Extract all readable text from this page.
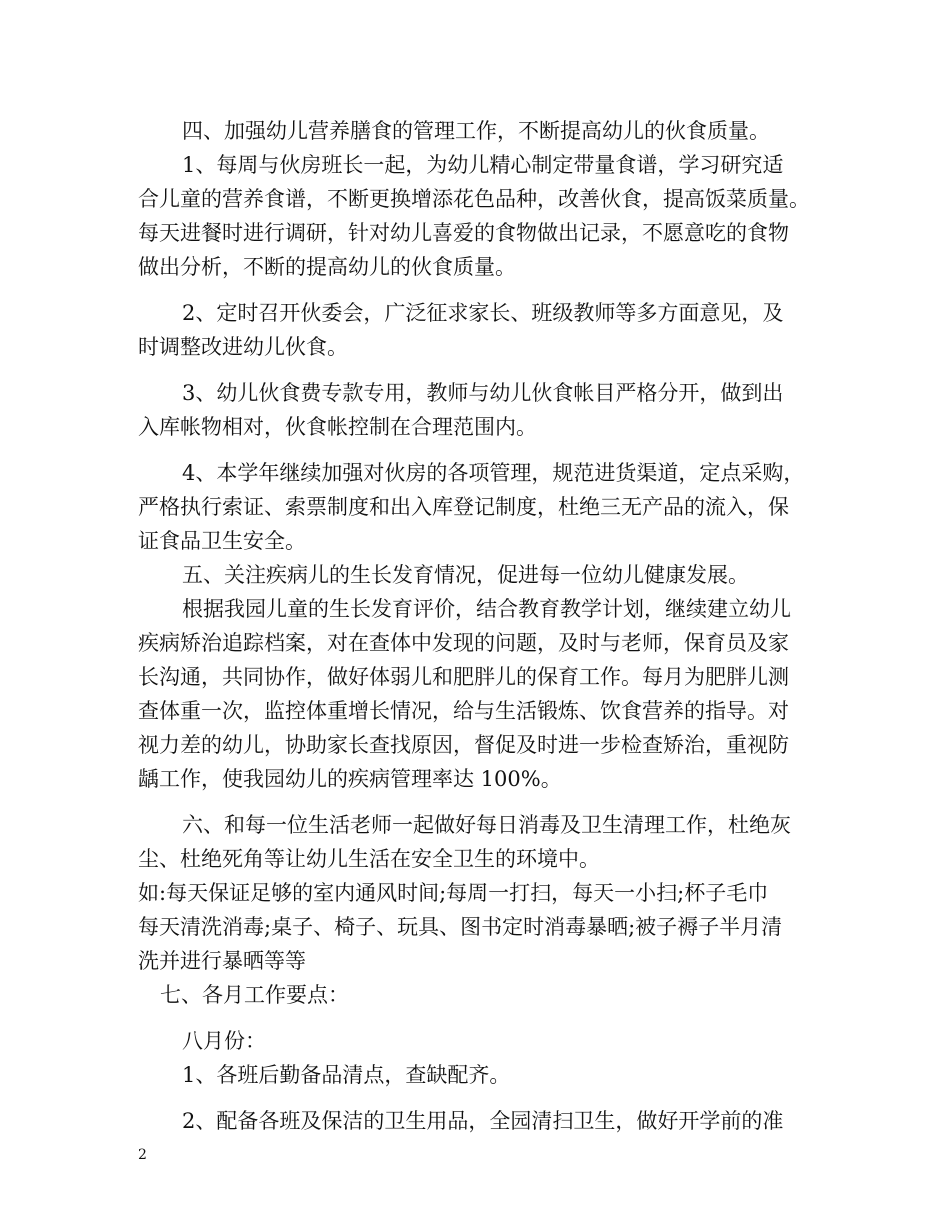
四、加强幼儿营养膳食的管理工作，不断提高幼儿的伙食质量。
1、每周与伙房班长一起，为幼儿精心制定带量食谱，学习研究适
合儿童的营养食谱，不断更换增添花色品种，改善伙食，提高饭菜质量。
每天进餐时进行调研，针对幼儿喜爱的食物做出记录，不愿意吃的食物
做出分析，不断的提高幼儿的伙食质量。
2、定时召开伙委会，广泛征求家长、班级教师等多方面意见，及
时调整改进幼儿伙食。
3、幼儿伙食费专款专用，教师与幼儿伙食帐目严格分开，做到出
入库帐物相对，伙食帐控制在合理范围内。
4、本学年继续加强对伙房的各项管理，规范进货渠道，定点采购，
严格执行索证、索票制度和出入库登记制度，杜绝三无产品的流入，保
证食品卫生安全。
五、关注疾病儿的生长发育情况，促进每一位幼儿健康发展。
根据我园儿童的生长发育评价，结合教育教学计划，继续建立幼儿
疾病矫治追踪档案，对在查体中发现的问题，及时与老师，保育员及家
长沟通，共同协作，做好体弱儿和肥胖儿的保育工作。每月为肥胖儿测
查体重一次，监控体重增长情况，给与生活锻炼、饮食营养的指导。对
视力差的幼儿，协助家长查找原因，督促及时进一步检查矫治，重视防
龋工作，使我园幼儿的疾病管理率达 100%。
六、和每一位生活老师一起做好每日消毒及卫生清理工作，杜绝灰
尘、杜绝死角等让幼儿生活在安全卫生的环境中。
如:每天保证足够的室内通风时间;每周一打扫，每天一小扫;杯子毛巾
每天清洗消毒;桌子、椅子、玩具、图书定时消毒暴晒;被子褥子半月清
洗并进行暴晒等等
七、各月工作要点：
八月份：
1、各班后勤备品清点，查缺配齐。
2、配备各班及保洁的卫生用品，全园清扫卫生，做好开学前的准
2
